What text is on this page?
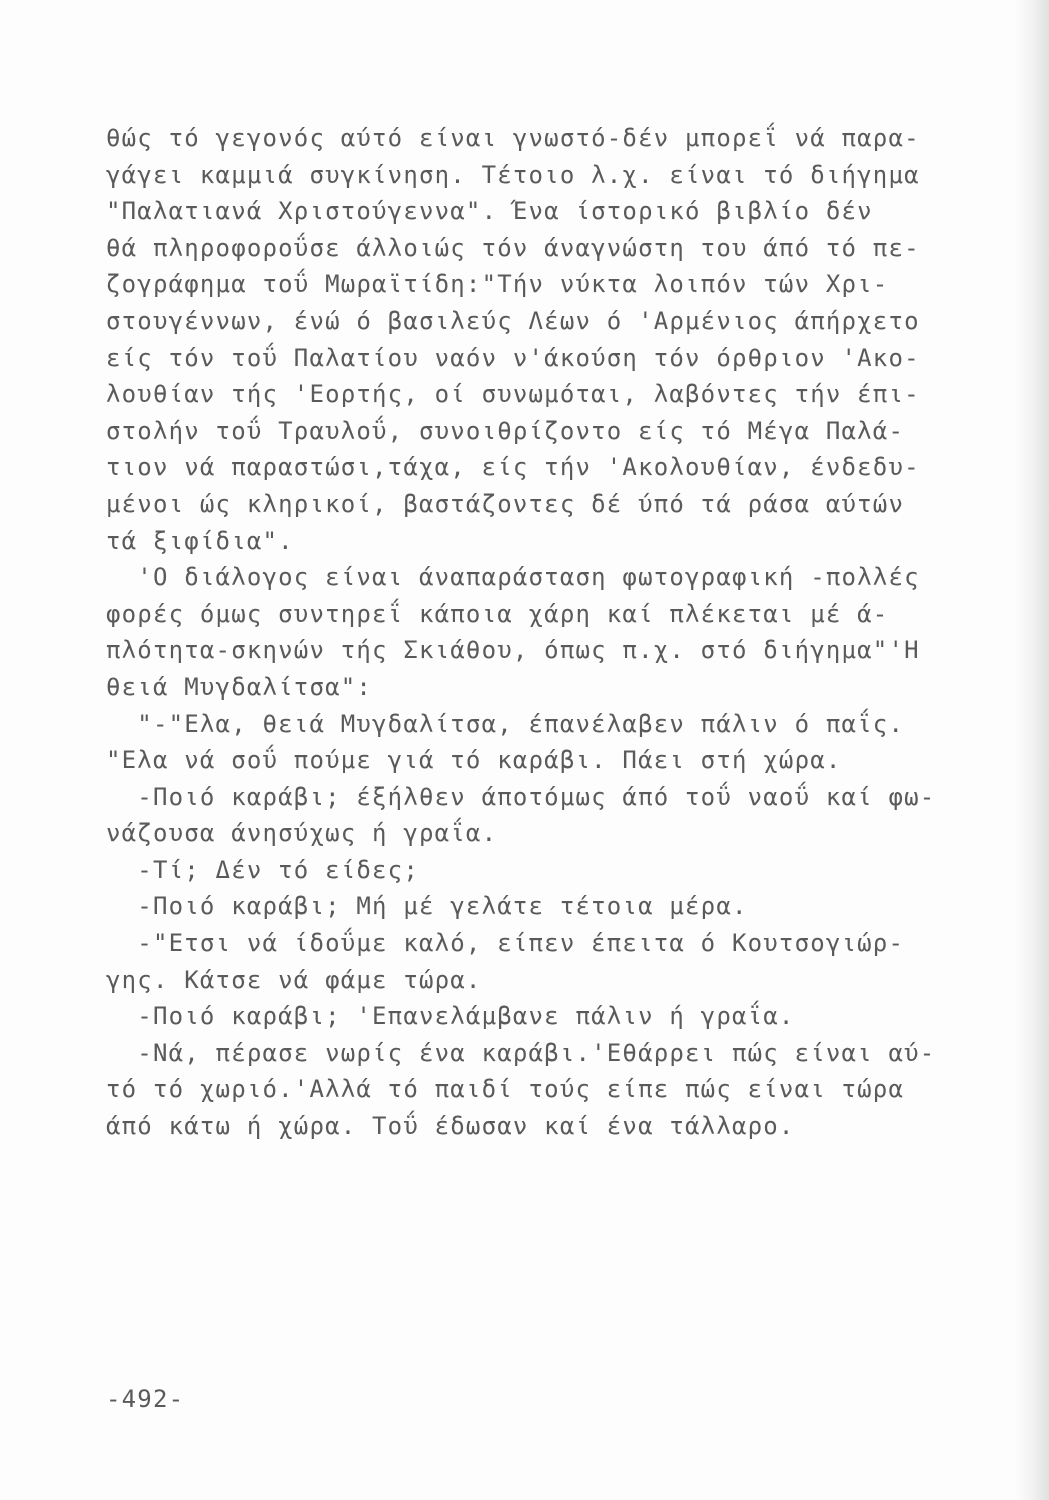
θώς τό γεγονός αύτό είναι γνωστό-δέν μπορεΐ νά παρα-
γάγει καμμιά συγκίνηση. Τέτοιο λ.χ. είναι τό διήγημα
"Παλατιανά Χριστούγεννα". Ένα ίστορικό βιβλίο δέν
θά πληροφοροΰσε άλλοιώς τόν άναγνώστη του άπό τό πε-
ζογράφημα τοΰ Μωραϊτίδη:"Τήν νύκτα λοιπόν τών Χρι-
στουγέννων, ένώ ό βασιλεύς Λέων ό 'Αρμένιος άπήρχετο
είς τόν τοΰ Παλατίου ναόν ν'άκούση τόν όρθριον 'Ακο-
λουθίαν τής 'Εορτής, οί συνωμόται, λαβόντες τήν έπι-
στολήν τοΰ Τραυλοΰ, συνοιθρίζοντο είς τό Μέγα Παλά-
τιον νά παραστώσι,τάχα, είς τήν 'Ακολουθίαν, ένδεδυ-
μένοι ώς κληρικοί, βαστάζοντες δέ ύπό τά ράσα αύτών
τά ξιφίδια".
'Ο διάλογος είναι άναπαράσταση φωτογραφική -πολλές
φορές όμως συντηρεΐ κάποια χάρη καί πλέκεται μέ ά-
πλότητα-σκηνών τής Σκιάθου, όπως π.χ. στό διήγημα"'Η
θειά Μυγδαλίτσα":
"-"Ελα, θειά Μυγδαλίτσα, έπανέλαβεν πάλιν ό παΐς.
"Ελα νά σοΰ πούμε γιά τό καράβι. Πάει στή χώρα.
-Ποιό καράβι; έξήλθεν άποτόμως άπό τοΰ ναοΰ καί φω-
νάζουσα άνησύχως ή γραΐα.
-Τί; Δέν τό είδες;
-Ποιό καράβι; Μή μέ γελάτε τέτοια μέρα.
-"Ετσι νά ίδοΰμε καλό, είπεν έπειτα ό Κουτσογιώρ-
γης. Κάτσε νά φάμε τώρα.
-Ποιό καράβι; 'Επανελάμβανε πάλιν ή γραΐα.
-Νά, πέρασε νωρίς ένα καράβι.'Εθάρρει πώς είναι αύ-
τό τό χωριό.'Αλλά τό παιδί τούς είπε πώς είναι τώρα
άπό κάτω ή χώρα. Τοΰ έδωσαν καί ένα τάλλαρο.
-492-
